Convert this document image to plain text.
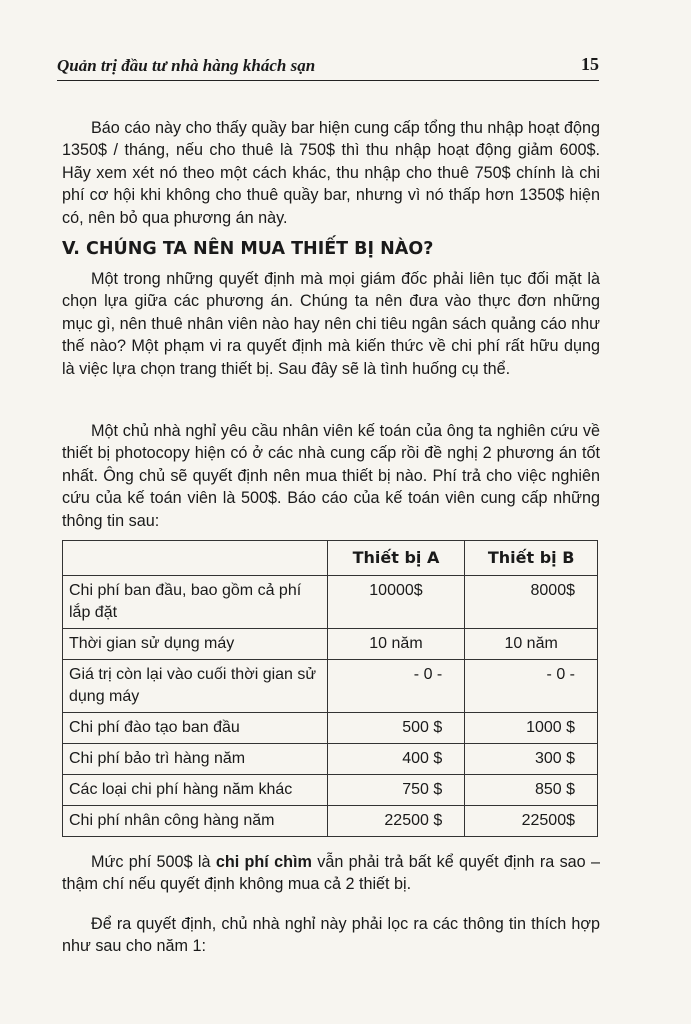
Quản trị đầu tư nhà hàng khách sạn	15

Báo cáo này cho thấy quầy bar hiện cung cấp tổng thu nhập hoạt động 1350$ / tháng, nếu cho thuê là 750$ thì thu nhập hoạt động giảm 600$. Hãy xem xét nó theo một cách khác, thu nhập cho thuê 750$ chính là chi phí cơ hội khi không cho thuê quầy bar, nhưng vì nó thấp hơn 1350$ hiện có, nên bỏ qua phương án này.

V. CHÚNG TA NÊN MUA THIẾT BỊ NÀO?

Một trong những quyết định mà mọi giám đốc phải liên tục đối mặt là chọn lựa giữa các phương án. Chúng ta nên đưa vào thực đơn những mục gì, nên thuê nhân viên nào hay nên chi tiêu ngân sách quảng cáo như thế nào? Một phạm vi ra quyết định mà kiến thức về chi phí rất hữu dụng là việc lựa chọn trang thiết bị. Sau đây sẽ là tình huống cụ thể.

Một chủ nhà nghỉ yêu cầu nhân viên kế toán của ông ta nghiên cứu về thiết bị photocopy hiện có ở các nhà cung cấp rồi đề nghị 2 phương án tốt nhất. Ông chủ sẽ quyết định nên mua thiết bị nào. Phí trả cho việc nghiên cứu của kế toán viên là 500$. Báo cáo của kế toán viên cung cấp những thông tin sau:

	Thiết bị A	Thiết bị B
Chi phí ban đầu, bao gồm cả phí lắp đặt	10000$	8000$
Thời gian sử dụng máy	10 năm	10 năm
Giá trị còn lại vào cuối thời gian sử dụng máy	- 0 -	- 0 -
Chi phí đào tạo ban đầu	500 $	1000 $
Chi phí bảo trì hàng năm	400 $	300 $
Các loại chi phí hàng năm khác	750 $	850 $
Chi phí nhân công hàng năm	22500 $	22500$

Mức phí 500$ là chi phí chìm vẫn phải trả bất kể quyết định ra sao – thậm chí nếu quyết định không mua cả 2 thiết bị.

Để ra quyết định, chủ nhà nghỉ này phải lọc ra các thông tin thích hợp như sau cho năm 1:
